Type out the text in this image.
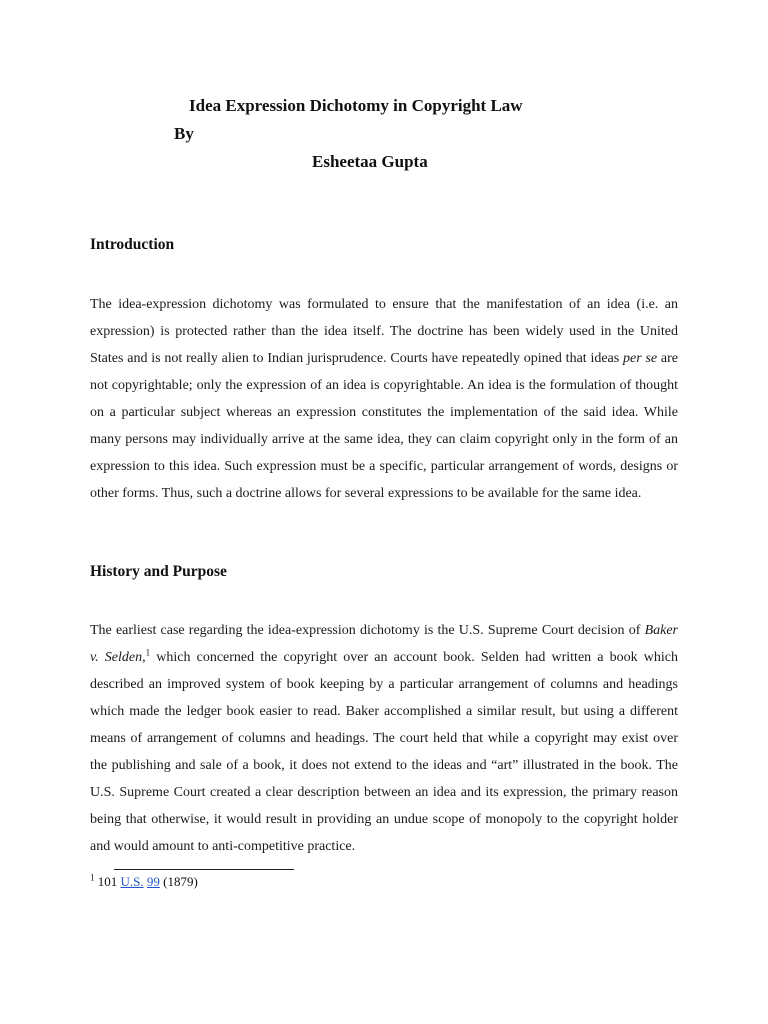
Idea Expression Dichotomy in Copyright Law
By
Esheetaa Gupta
Introduction
The idea-expression dichotomy was formulated to ensure that the manifestation of an idea (i.e. an expression) is protected rather than the idea itself. The doctrine has been widely used in the United States and is not really alien to Indian jurisprudence. Courts have repeatedly opined that ideas per se are not copyrightable; only the expression of an idea is copyrightable. An idea is the formulation of thought on a particular subject whereas an expression constitutes the implementation of the said idea. While many persons may individually arrive at the same idea, they can claim copyright only in the form of an expression to this idea. Such expression must be a specific, particular arrangement of words, designs or other forms. Thus, such a doctrine allows for several expressions to be available for the same idea.
History and Purpose
The earliest case regarding the idea-expression dichotomy is the U.S. Supreme Court decision of Baker v. Selden,$^1$ which concerned the copyright over an account book. Selden had written a book which described an improved system of book keeping by a particular arrangement of columns and headings which made the ledger book easier to read. Baker accomplished a similar result, but using a different means of arrangement of columns and headings. The court held that while a copyright may exist over the publishing and sale of a book, it does not extend to the ideas and “art” illustrated in the book. The U.S. Supreme Court created a clear description between an idea and its expression, the primary reason being that otherwise, it would result in providing an undue scope of monopoly to the copyright holder and would amount to anti-competitive practice.
$^1$ 101 U.S. 99 (1879)
